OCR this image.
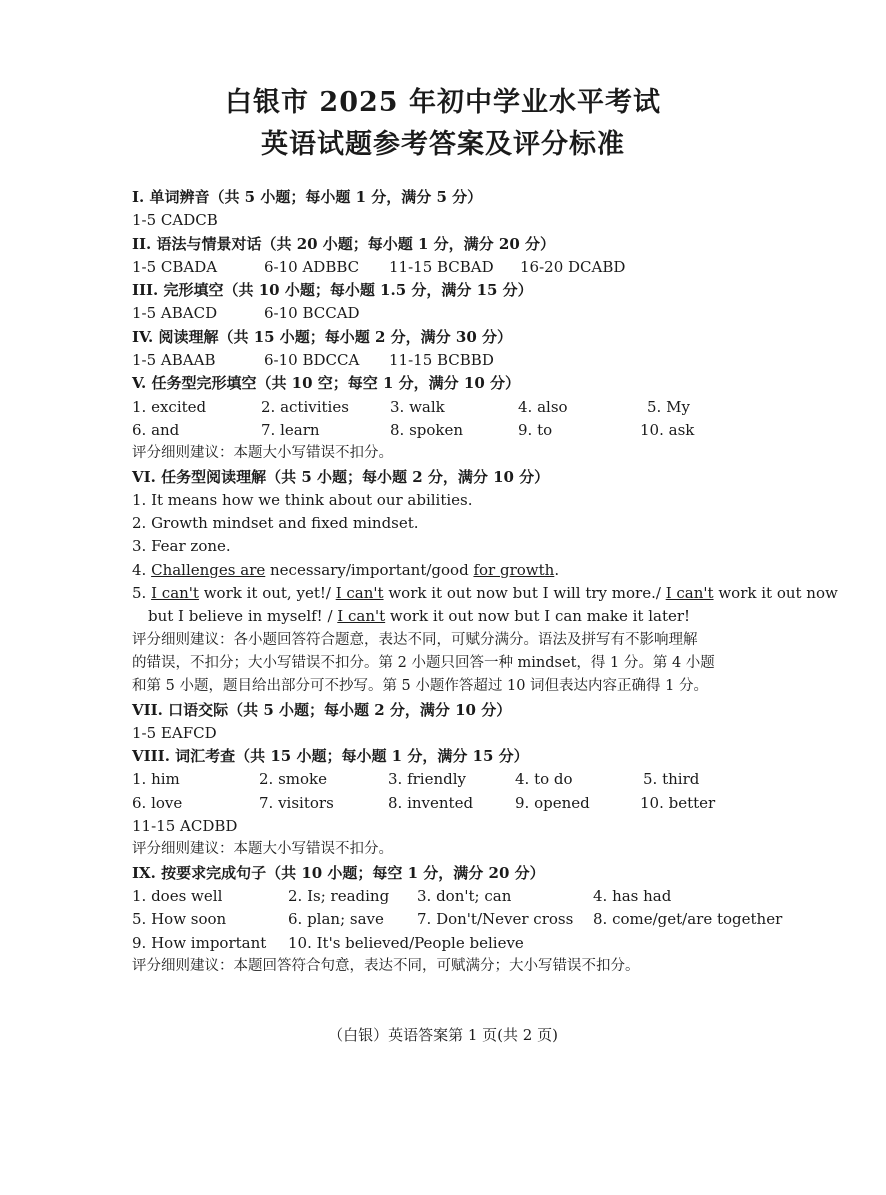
白银市 2025 年初中学业水平考试
英语试题参考答案及评分标准
I. 单词辨音（共 5 小题；每小题 1 分，满分 5 分）
1-5 CADCB
II. 语法与情景对话（共 20 小题；每小题 1 分，满分 20 分）
1-5 CBADA	6-10 ADBBC 11-15 BCBAD 16-20 DCABD
III. 完形填空（共 10 小题；每小题 1.5 分，满分 15 分）
1-5 ABACD	6-10 BCCAD
IV. 阅读理解（共 15 小题；每小题 2 分，满分 30 分）
1-5 ABAAB	6-10 BDCCA 11-15 BCBBD
V. 任务型完形填空（共 10 空；每空 1 分，满分 10 分）
1. excited	2. activities	3. walk	4. also	5. My
6. and	7. learn	8. spoken	9. to	10. ask
评分细则建议：本题大小写错误不扣分。
VI. 任务型阅读理解（共 5 小题；每小题 2 分，满分 10 分）
1. It means how we think about our abilities.
2. Growth mindset and fixed mindset.
3. Fear zone.
4. Challenges are necessary/important/good for growth.
5. I can't work it out, yet!/ I can't work it out now but I will try more./ I can't work it out now
but I believe in myself! / I can't work it out now but I can make it later!
评分细则建议：各小题回答符合题意，表达不同，可赋分满分。语法及拼写有不影响理解
的错误，不扣分；大小写错误不扣分。第 2 小题只回答一种 mindset，得 1 分。第 4 小题
和第 5 小题，题目给出部分可不抄写。第 5 小题作答超过 10 词但表达内容正确得 1 分。
VII. 口语交际（共 5 小题；每小题 2 分，满分 10 分）
1-5 EAFCD
VIII. 词汇考查（共 15 小题；每小题 1 分，满分 15 分）
1. him	2. smoke	3. friendly	4. to do	5. third
6. love	7. visitors	8. invented	9. opened	10. better
11-15 ACDBD
评分细则建议：本题大小写错误不扣分。
IX. 按要求完成句子（共 10 小题；每空 1 分，满分 20 分）
1. does well	2. Is; reading 3. don't; can	4. has had
5. How soon	6. plan; save 7. Don't/Never cross 8. come/get/are together
9. How important 10. It's believed/People believe
评分细则建议：本题回答符合句意，表达不同，可赋满分；大小写错误不扣分。
（白银）英语答案第 1 页(共 2 页)
